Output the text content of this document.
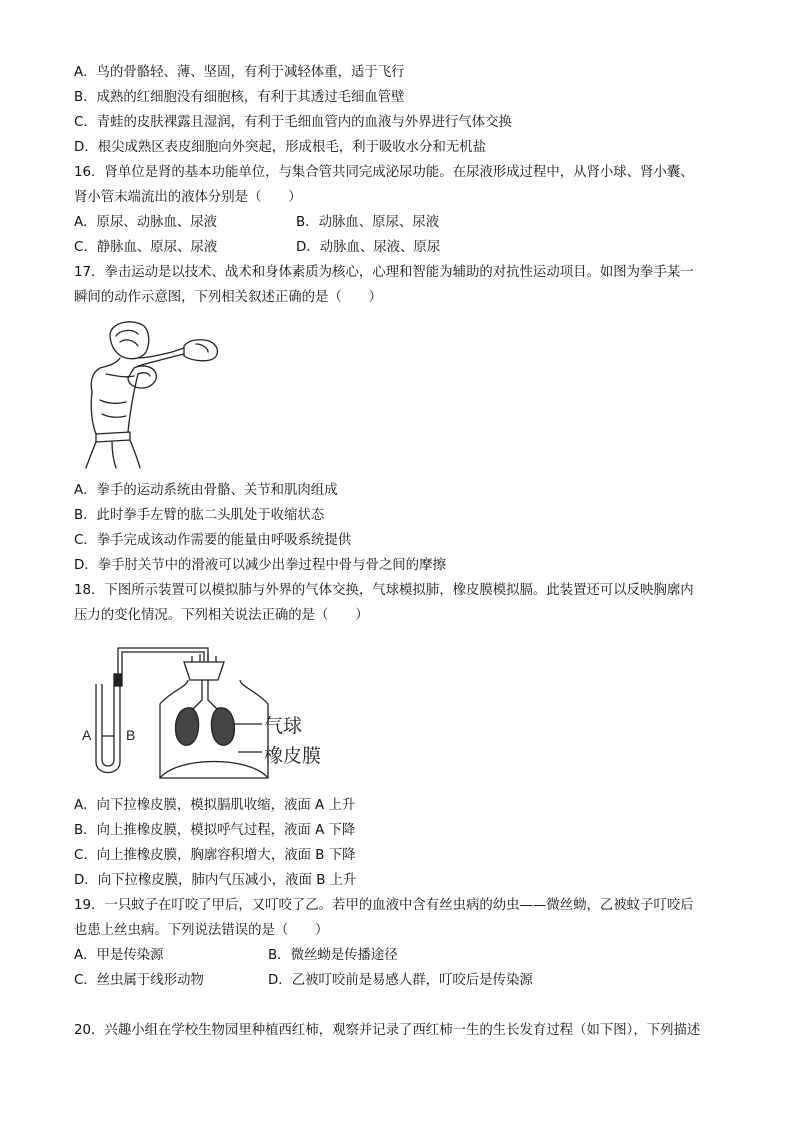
A．鸟的骨骼轻、薄、坚固，有利于减轻体重，适于飞行
B．成熟的红细胞没有细胞核，有利于其透过毛细血管壁
C．青蛙的皮肤裸露且湿润，有利于毛细血管内的血液与外界进行气体交换
D．根尖成熟区表皮细胞向外突起，形成根毛，利于吸收水分和无机盐
16．肾单位是肾的基本功能单位，与集合管共同完成泌尿功能。在尿液形成过程中，从肾小球、肾小囊、
肾小管末端流出的液体分别是（　　）
A．原尿、动脉血、尿液	B．动脉血、原尿、尿液
C．静脉血、原尿、尿液	D．动脉血、尿液、原尿
17．拳击运动是以技术、战术和身体素质为核心，心理和智能为辅助的对抗性运动项目。如图为拳手某一
瞬间的动作示意图，下列相关叙述正确的是（　　）
A．拳手的运动系统由骨骼、关节和肌肉组成
B．此时拳手左臂的肱二头肌处于收缩状态
C．拳手完成该动作需要的能量由呼吸系统提供
D．拳手肘关节中的滑液可以减少出拳过程中骨与骨之间的摩擦
18．下图所示装置可以模拟肺与外界的气体交换，气球模拟肺，橡皮膜模拟膈。此装置还可以反映胸廓内
压力的变化情况。下列相关说法正确的是（　　）
A B	气球
橡皮膜
A．向下拉橡皮膜，模拟膈肌收缩，液面 A 上升
B．向上推橡皮膜，模拟呼气过程，液面 A 下降
C．向上推橡皮膜，胸廓容积增大，液面 B 下降
D．向下拉橡皮膜，肺内气压减小，液面 B 上升
19．一只蚊子在叮咬了甲后，又叮咬了乙。若甲的血液中含有丝虫病的幼虫——微丝蚴，乙被蚊子叮咬后
也患上丝虫病。下列说法错误的是（　　）
A．甲是传染源	B．微丝蚴是传播途径
C．丝虫属于线形动物	D．乙被叮咬前是易感人群，叮咬后是传染源
20．兴趣小组在学校生物园里种植西红柿，观察并记录了西红柿一生的生长发育过程（如下图），下列描述
